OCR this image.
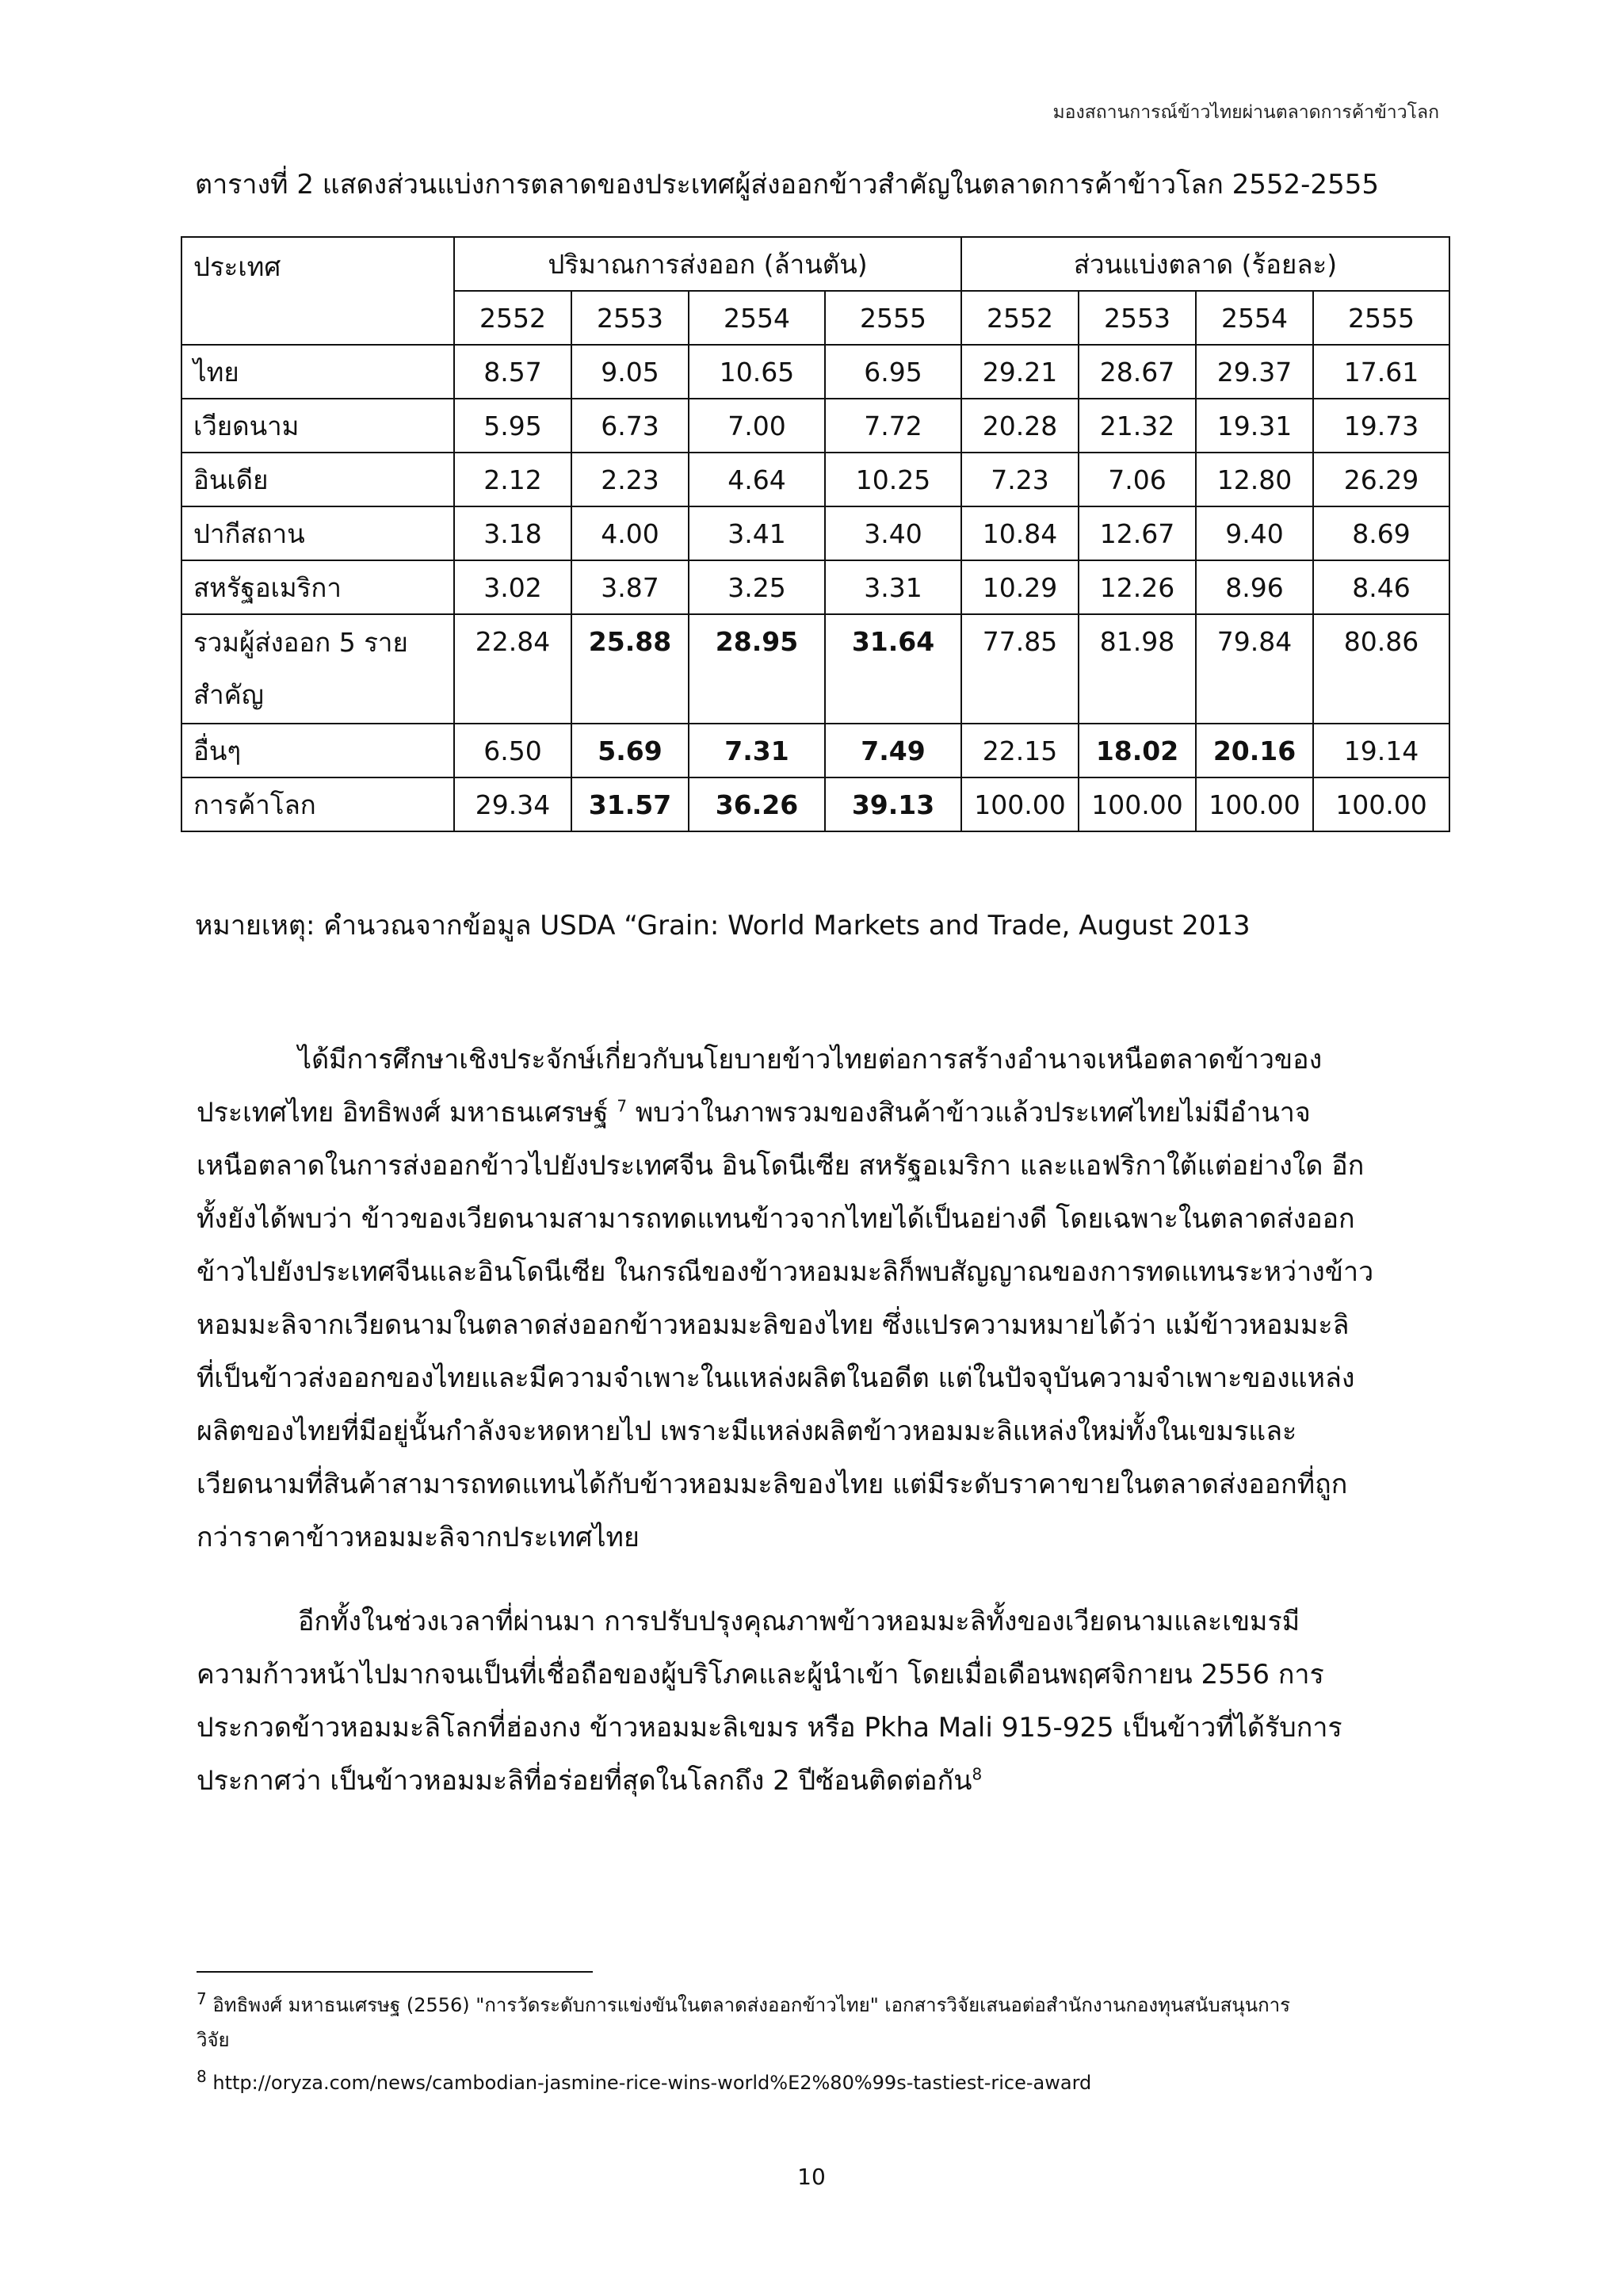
มองสถานการณ์ข้าวไทยผ่านตลาดการค้าข้าวโลก
ตารางที่ 2 แสดงส่วนแบ่งการตลาดของประเทศผู้ส่งออกข้าวสำคัญในตลาดการค้าข้าวโลก 2552-2555
ประเทศ	ปริมาณการส่งออก (ล้านตัน)				ส่วนแบ่งตลาด (ร้อยละ)			
	2552	2553	2554	2555	2552	2553	2554	2555
ไทย	8.57	9.05	10.65	6.95	29.21	28.67	29.37	17.61
เวียดนาม	5.95	6.73	7.00	7.72	20.28	21.32	19.31	19.73
อินเดีย	2.12	2.23	4.64	10.25	7.23	7.06	12.80	26.29
ปากีสถาน	3.18	4.00	3.41	3.40	10.84	12.67	9.40	8.69
สหรัฐอเมริกา	3.02	3.87	3.25	3.31	10.29	12.26	8.96	8.46

รวมผู้ส่งออก 5 ราย
สำคัญ	22.84	25.88	28.95	31.64	77.85	81.98	79.84	80.86
อื่นๆ	6.50	5.69	7.31	7.49	22.15	18.02	20.16	19.14
การค้าโลก	29.34	31.57	36.26	39.13	100.00	100.00	100.00	100.00
หมายเหตุ: คำนวณจากข้อมูล USDA “Grain: World Markets and Trade, August 2013
ได้มีการศึกษาเชิงประจักษ์เกี่ยวกับนโยบายข้าวไทยต่อการสร้างอำนาจเหนือตลาดข้าวของ
ประเทศไทย อิทธิพงศ์ มหาธนเศรษฐ์ $^7$ พบว่าในภาพรวมของสินค้าข้าวแล้วประเทศไทยไม่มีอำนาจ
เหนือตลาดในการส่งออกข้าวไปยังประเทศจีน อินโดนีเซีย สหรัฐอเมริกา และแอฟริกาใต้แต่อย่างใด อีก
ทั้งยังได้พบว่า ข้าวของเวียดนามสามารถทดแทนข้าวจากไทยได้เป็นอย่างดี โดยเฉพาะในตลาดส่งออก
ข้าวไปยังประเทศจีนและอินโดนีเซีย ในกรณีของข้าวหอมมะลิก็พบสัญญาณของการทดแทนระหว่างข้าว
หอมมะลิจากเวียดนามในตลาดส่งออกข้าวหอมมะลิของไทย ซึ่งแปรความหมายได้ว่า แม้ข้าวหอมมะลิ
ที่เป็นข้าวส่งออกของไทยและมีความจำเพาะในแหล่งผลิตในอดีต แต่ในปัจจุบันความจำเพาะของแหล่ง
ผลิตของไทยที่มีอยู่นั้นกำลังจะหดหายไป เพราะมีแหล่งผลิตข้าวหอมมะลิแหล่งใหม่ทั้งในเขมรและ
เวียดนามที่สินค้าสามารถทดแทนได้กับข้าวหอมมะลิของไทย แต่มีระดับราคาขายในตลาดส่งออกที่ถูก
กว่าราคาข้าวหอมมะลิจากประเทศไทย
อีกทั้งในช่วงเวลาที่ผ่านมา การปรับปรุงคุณภาพข้าวหอมมะลิทั้งของเวียดนามและเขมรมี
ความก้าวหน้าไปมากจนเป็นที่เชื่อถือของผู้บริโภคและผู้นำเข้า โดยเมื่อเดือนพฤศจิกายน 2556 การ
ประกวดข้าวหอมมะลิโลกที่ฮ่องกง ข้าวหอมมะลิเขมร หรือ Pkha Mali 915-925 เป็นข้าวที่ได้รับการ
ประกาศว่า เป็นข้าวหอมมะลิที่อร่อยที่สุดในโลกถึง 2 ปีซ้อนติดต่อกัน$^8$
$^7$ อิทธิพงศ์ มหาธนเศรษฐ (2556) "การวัดระดับการแข่งขันในตลาดส่งออกข้าวไทย" เอกสารวิจัยเสนอต่อสำนักงานกองทุนสนับสนุนการ
วิจัย
$^8$ http://oryza.com/news/cambodian-jasmine-rice-wins-world%E2%80%99s-tastiest-rice-award
10
